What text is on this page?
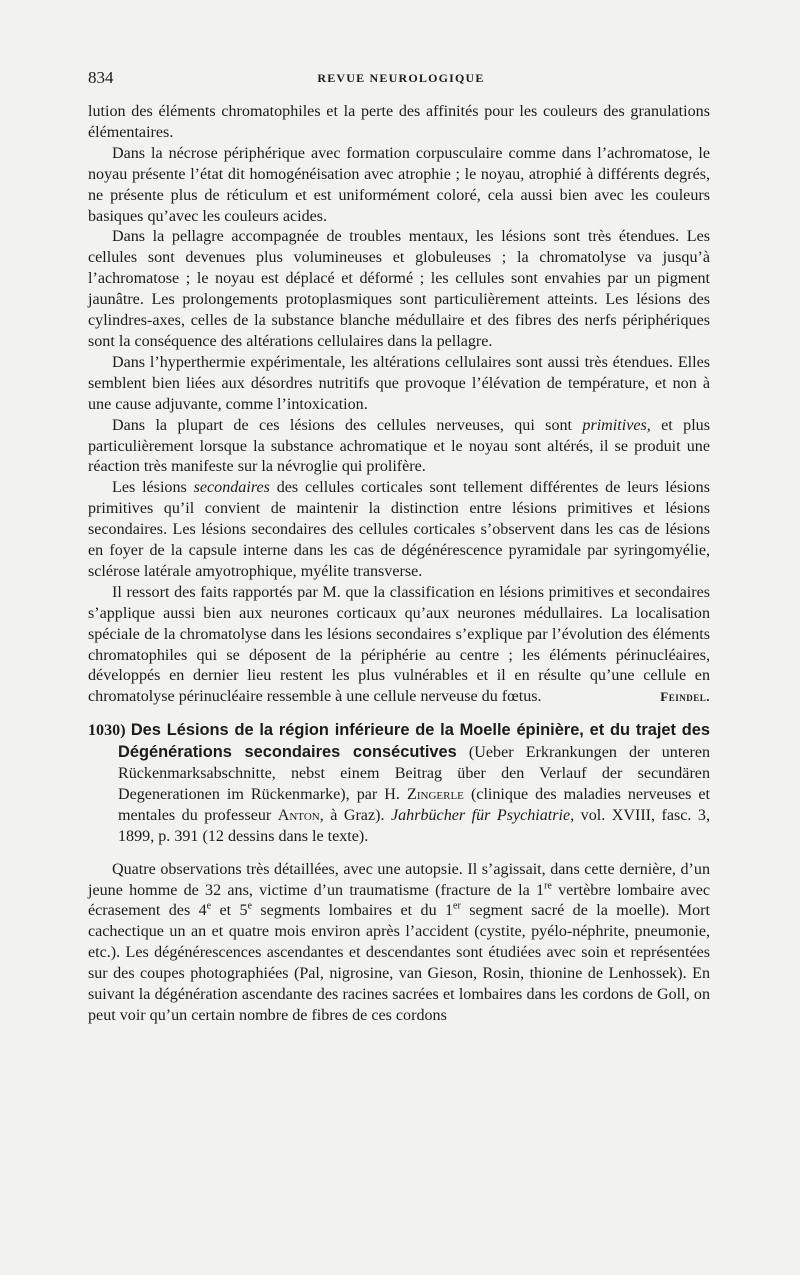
834	REVUE NEUROLOGIQUE

lution des éléments chromatophiles et la perte des affinités pour les couleurs des granulations élémentaires.

Dans la nécrose périphérique avec formation corpusculaire comme dans l’achromatose, le noyau présente l’état dit homogénéisation avec atrophie ; le noyau, atrophié à différents degrés, ne présente plus de réticulum et est uniformément coloré, cela aussi bien avec les couleurs basiques qu’avec les couleurs acides.

Dans la pellagre accompagnée de troubles mentaux, les lésions sont très étendues. Les cellules sont devenues plus volumineuses et globuleuses ; la chromatolyse va jusqu’à l’achromatose ; le noyau est déplacé et déformé ; les cellules sont envahies par un pigment jaunâtre. Les prolongements protoplasmiques sont particulièrement atteints. Les lésions des cylindres-axes, celles de la substance blanche médullaire et des fibres des nerfs périphériques sont la conséquence des altérations cellulaires dans la pellagre.

Dans l’hyperthermie expérimentale, les altérations cellulaires sont aussi très étendues. Elles semblent bien liées aux désordres nutritifs que provoque l’élévation de température, et non à une cause adjuvante, comme l’intoxication.

Dans la plupart de ces lésions des cellules nerveuses, qui sont primitives, et plus particulièrement lorsque la substance achromatique et le noyau sont altérés, il se produit une réaction très manifeste sur la névroglie qui prolifère.

Les lésions secondaires des cellules corticales sont tellement différentes de leurs lésions primitives qu’il convient de maintenir la distinction entre lésions primitives et lésions secondaires. Les lésions secondaires des cellules corticales s’observent dans les cas de lésions en foyer de la capsule interne dans les cas de dégénérescence pyramidale par syringomyélie, sclérose latérale amyotrophique, myélite transverse.

Il ressort des faits rapportés par M. que la classification en lésions primitives et secondaires s’applique aussi bien aux neurones corticaux qu’aux neurones médullaires. La localisation spéciale de la chromatolyse dans les lésions secondaires s’explique par l’évolution des éléments chromatophiles qui se déposent de la périphérie au centre ; les éléments périnucléaires, développés en dernier lieu restent les plus vulnérables et il en résulte qu’une cellule en chromatolyse périnucléaire ressemble à une cellule nerveuse du fœtus.	Feindel.

1030) Des Lésions de la région inférieure de la Moelle épinière, et du trajet des Dégénérations secondaires consécutives (Ueber Erkrankungen der unteren Rückenmarksabschnitte, nebst einem Beitrag über den Verlauf der secundären Degenerationen im Rückenmarke), par H. Zingerle (clinique des maladies nerveuses et mentales du professeur Anton, à Graz). Jahrbücher für Psychiatrie, vol. XVIII, fasc. 3, 1899, p. 391 (12 dessins dans le texte).

Quatre observations très détaillées, avec une autopsie. Il s’agissait, dans cette dernière, d’un jeune homme de 32 ans, victime d’un traumatisme (fracture de la 1re vertèbre lombaire avec écrasement des 4e et 5e segments lombaires et du 1er segment sacré de la moelle). Mort cachectique un an et quatre mois environ après l’accident (cystite, pyélo-néphrite, pneumonie, etc.). Les dégénérescences ascendantes et descendantes sont étudiées avec soin et représentées sur des coupes photographiées (Pal, nigrosine, van Gieson, Rosin, thionine de Lenhossek). En suivant la dégénération ascendante des racines sacrées et lombaires dans les cordons de Goll, on peut voir qu’un certain nombre de fibres de ces cordons
